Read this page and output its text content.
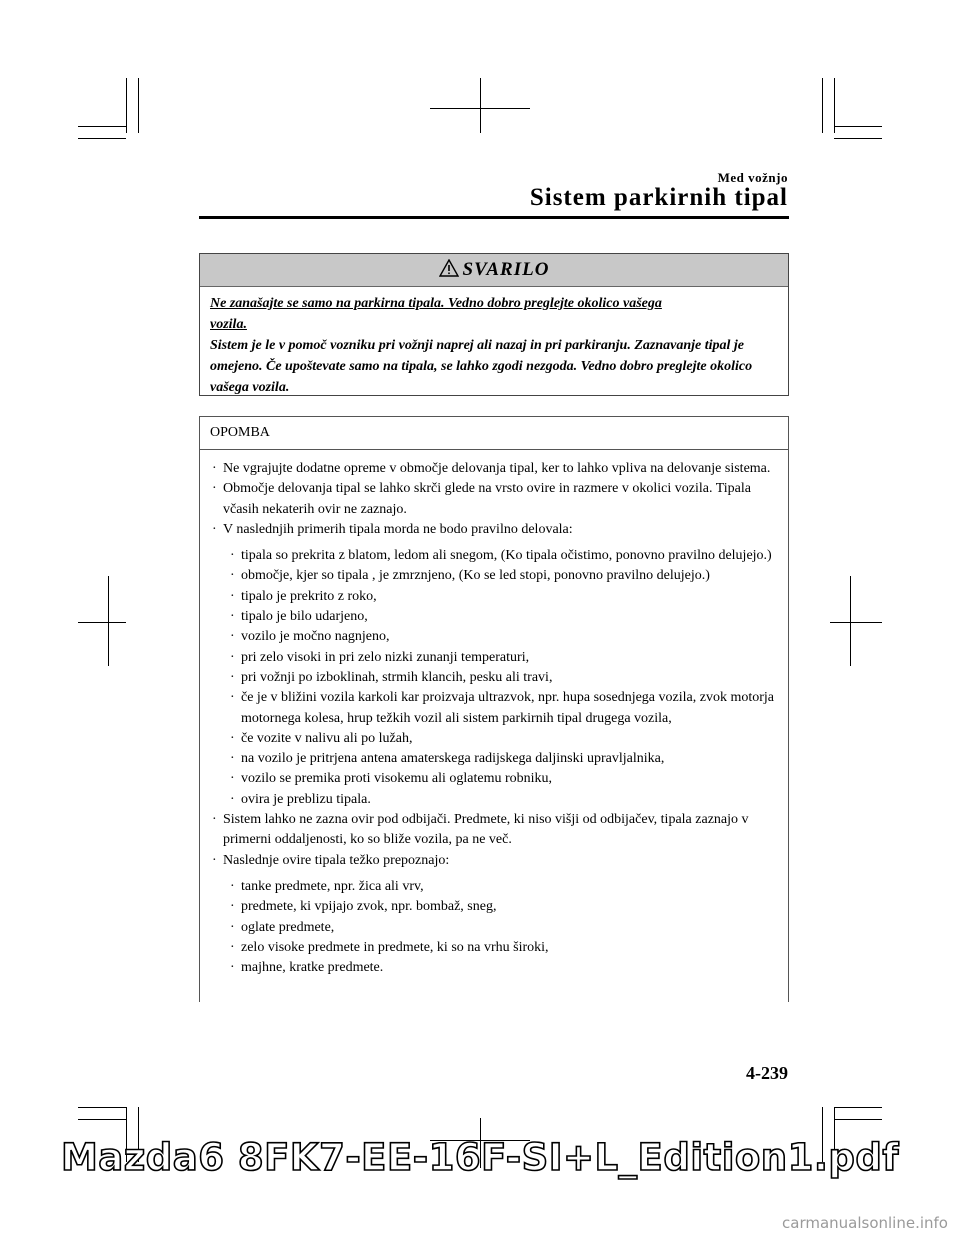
Med vožnjo
Sistem parkirnih tipal
SVARILO

Ne zanašajte se samo na parkirna tipala. Vedno dobro preglejte okolico vašega

vozila.

Sistem je le v pomoč vozniku pri vožnji naprej ali nazaj in pri parkiranju. Zaznavanje tipal je omejeno. Če upoštevate samo na tipala, se lahko zgodi nezgoda. Vedno dobro preglejte okolico vašega vozila.

OPOMBA
· Ne vgrajujte dodatne opreme v območje delovanja tipal, ker to lahko vpliva na delovanje sistema.
· Območje delovanja tipal se lahko skrči glede na vrsto ovire in razmere v okolici vozila. Tipala včasih nekaterih ovir ne zaznajo.
· V naslednjih primerih tipala morda ne bodo pravilno delovala:
· tipala so prekrita z blatom, ledom ali snegom, (Ko tipala očistimo, ponovno pravilno delujejo.)
· območje, kjer so tipala , je zmrznjeno, (Ko se led stopi, ponovno pravilno delujejo.)
· tipalo je prekrito z roko,
· tipalo je bilo udarjeno,
· vozilo je močno nagnjeno,
· pri zelo visoki in pri zelo nizki zunanji temperaturi,
· pri vožnji po izboklinah, strmih klancih, pesku ali travi,
· če je v bližini vozila karkoli kar proizvaja ultrazvok, npr. hupa sosednjega vozila, zvok motorja motornega kolesa, hrup težkih vozil ali sistem parkirnih tipal drugega vozila,
· če vozite v nalivu ali po lužah,
· na vozilo je pritrjena antena amaterskega radijskega daljinski upravljalnika,
· vozilo se premika proti visokemu ali oglatemu robniku,
· ovira je preblizu tipala.
· Sistem lahko ne zazna ovir pod odbijači. Predmete, ki niso višji od odbijačev, tipala zaznajo v primerni oddaljenosti, ko so bliže vozila, pa ne več.
· Naslednje ovire tipala težko prepoznajo:
· tanke predmete, npr. žica ali vrv,
· predmete, ki vpijajo zvok, npr. bombaž, sneg,
· oglate predmete,
· zelo visoke predmete in predmete, ki so na vrhu široki,
· majhne, kratke predmete.
4-239
Mazda6 8FK7-EE-16F-SI+L_Edition1.pdf
carmanualsonline.info
